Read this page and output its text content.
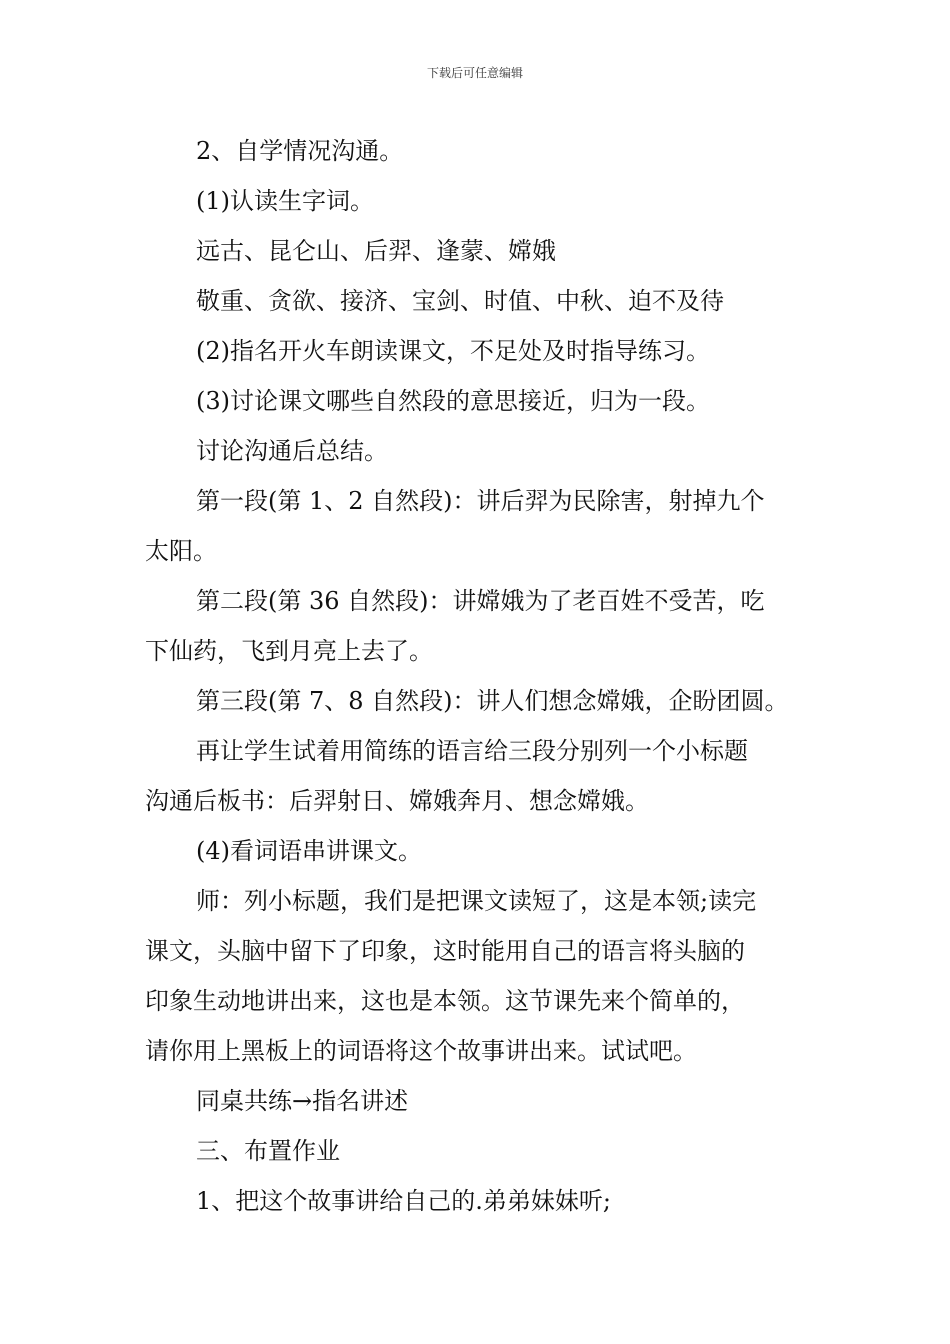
下载后可任意编辑

2、自学情况沟通。

(1)认读生字词。

远古、昆仑山、后羿、逢蒙、嫦娥

敬重、贪欲、接济、宝剑、时值、中秋、迫不及待

(2)指名开火车朗读课文，不足处及时指导练习。

(3)讨论课文哪些自然段的意思接近，归为一段。

讨论沟通后总结。

第一段(第 1、2 自然段)：讲后羿为民除害，射掉九个

太阳。

第二段(第 36 自然段)：讲嫦娥为了老百姓不受苦，吃

下仙药，飞到月亮上去了。

第三段(第 7、8 自然段)：讲人们想念嫦娥，企盼团圆。

再让学生试着用简练的语言给三段分别列一个小标题

沟通后板书：后羿射日、嫦娥奔月、想念嫦娥。

(4)看词语串讲课文。

师：列小标题，我们是把课文读短了，这是本领;读完

课文，头脑中留下了印象，这时能用自己的语言将头脑的

印象生动地讲出来，这也是本领。这节课先来个简单的，

请你用上黑板上的词语将这个故事讲出来。试试吧。

同桌共练→指名讲述

三、布置作业

1、把这个故事讲给自己的.弟弟妹妹听;
